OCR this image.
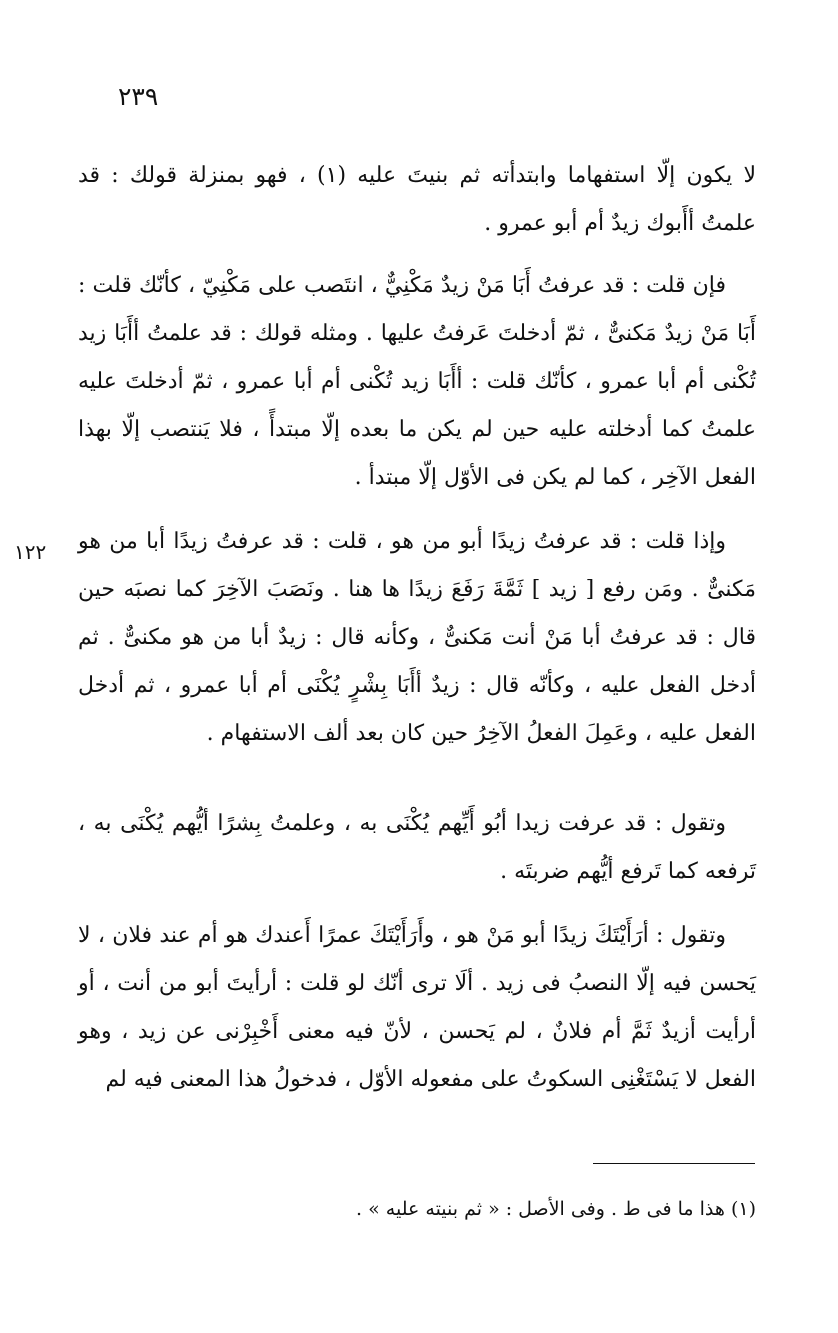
٢٣٩
١٢٢

لا يكون إلّا استفهاما وابتدأته ثم بنيتَ عليه (١) ، فهو بمنزلة قولك : قد علمتُ أأَبوك زيدٌ أم أبو عمرو .

فإن قلت : قد عرفتُ أَبَا مَنْ زيدٌ مَكْنِيٌّ ، انتَصب على مَكْنِيّ ، كأنّك قلت : أَبَا مَنْ زيدٌ مَكنىٌّ ، ثمّ أدخلتَ عَرفتُ عليها . ومثله قولك : قد علمتُ أأَبَا زيد تُكْنى أم أبا عمرو ، كأنّك قلت : أأَبَا زيد تُكْنى أم أبا عمرو ، ثمّ أدخلتَ عليه علمتُ كما أدخلته عليه حين لم يكن ما بعده إلّا مبتدأً ، فلا يَنتصب إلّا بهذا الفعل الآخِر ، كما لم يكن فى الأوّل إلّا مبتدأ .

وإذا قلت : قد عرفتُ زيدًا أبو من هو ، قلت : قد عرفتُ زيدًا أبا من هو مَكنىٌّ . ومَن رفع [ زيد ] ثَمَّةَ رَفَعَ زيدًا ها هنا . ونَصَبَ الآخِرَ كما نصبَه حين قال : قد عرفتُ أبا مَنْ أنت مَكنىٌّ ، وكأنه قال : زيدٌ أبا من هو مكنىٌّ . ثم أدخل الفعل عليه ، وكأنّه قال : زيدٌ أأَبَا بِشْرٍ يُكْنَى أم أبا عمرو ، ثم أدخل الفعل عليه ، وعَمِلَ الفعلُ الآخِرُ حين كان بعد ألف الاستفهام .

وتقول : قد عرفت زيدا أبُو أَيِّهم يُكْنَى به ، وعلمتُ بِشرًا أيُّهم يُكْنَى به ، تَرفعه كما تَرفع أيُّهم ضربتَه .

وتقول : أرَأَيْتَكَ زيدًا أبو مَنْ هو ، وأَرَأَيْتَكَ عمرًا أَعندك هو أم عند فلان ، لا يَحسن فيه إلّا النصبُ فى زيد . ألَا ترى أنّك لو قلت : أرأيتَ أبو من أنت ، أو أرأيت أزيدٌ ثَمَّ أم فلانٌ ، لم يَحسن ، لأنّ فيه معنى أَخْبِرْنى عن زيد ، وهو الفعل لا يَسْتَغْنِى السكوتُ على مفعوله الأوّل ، فدخولُ هذا المعنى فيه لم

(١) هذا ما فى ط . وفى الأصل : « ثم بنيته عليه » .
